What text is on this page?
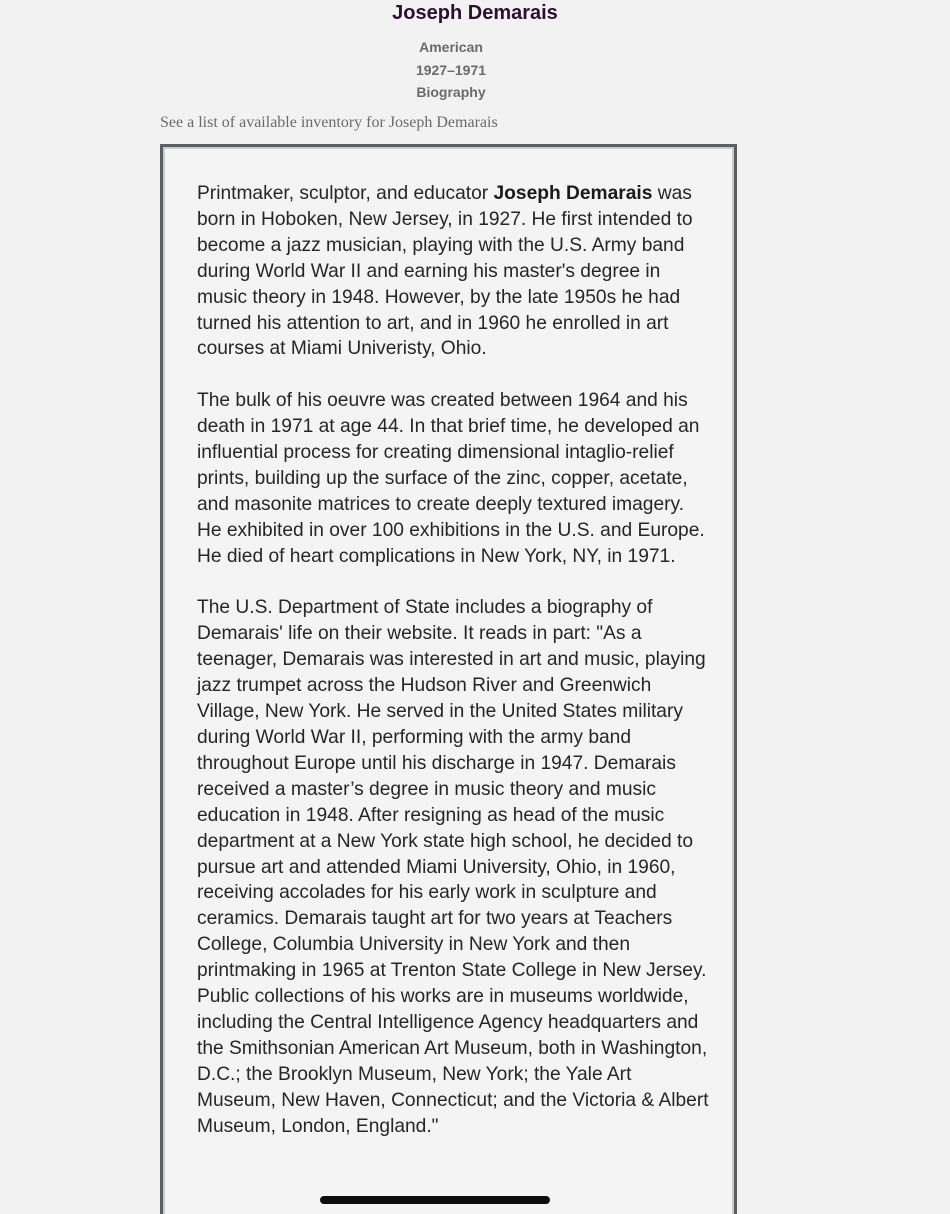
Joseph Demarais
American
1927–1971
Biography
See a list of available inventory for Joseph Demarais

Printmaker, sculptor, and educator Joseph Demarais was born in Hoboken, New Jersey, in 1927. He first intended to become a jazz musician, playing with the U.S. Army band during World War II and earning his master's degree in music theory in 1948. However, by the late 1950s he had turned his attention to art, and in 1960 he enrolled in art courses at Miami Univeristy, Ohio.

The bulk of his oeuvre was created between 1964 and his death in 1971 at age 44. In that brief time, he developed an influential process for creating dimensional intaglio-relief prints, building up the surface of the zinc, copper, acetate, and masonite matrices to create deeply textured imagery. He exhibited in over 100 exhibitions in the U.S. and Europe. He died of heart complications in New York, NY, in 1971.

The U.S. Department of State includes a biography of Demarais' life on their website. It reads in part: "As a teenager, Demarais was interested in art and music, playing jazz trumpet across the Hudson River and Greenwich Village, New York. He served in the United States military during World War II, performing with the army band throughout Europe until his discharge in 1947. Demarais received a master’s degree in music theory and music education in 1948. After resigning as head of the music department at a New York state high school, he decided to pursue art and attended Miami University, Ohio, in 1960, receiving accolades for his early work in sculpture and ceramics. Demarais taught art for two years at Teachers College, Columbia University in New York and then printmaking in 1965 at Trenton State College in New Jersey. Public collections of his works are in museums worldwide, including the Central Intelligence Agency headquarters and the Smithsonian American Art Museum, both in Washington, D.C.; the Brooklyn Museum, New York; the Yale Art Museum, New Haven, Connecticut; and the Victoria & Albert Museum, London, England."
